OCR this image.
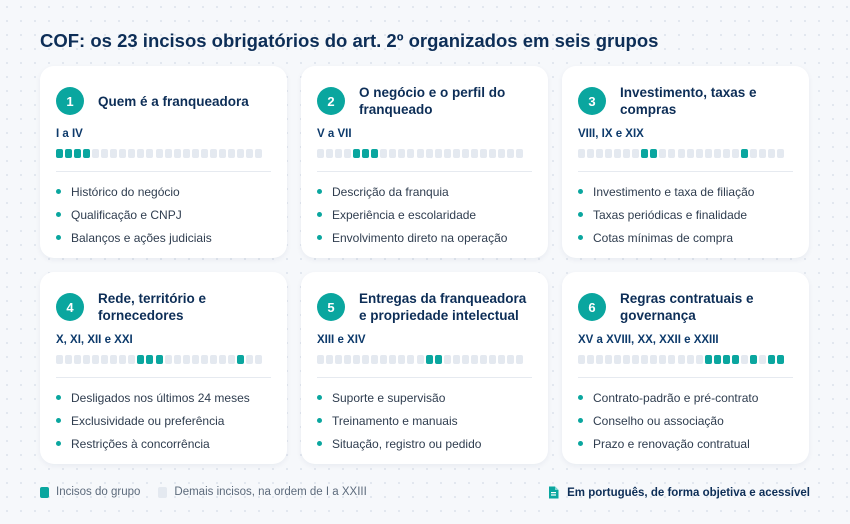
COF: os 23 incisos obrigatórios do art. 2º organizados em seis grupos
1	Quem é a franqueadora
I a IV
Histórico do negócio
Qualificação e CNPJ
Balanços e ações judiciais
2
O negócio e o perfil do franqueado
V a VII
Descrição da franquia
Experiência e escolaridade
Envolvimento direto na operação
3
Investimento, taxas e compras
VIII, IX e XIX
Investimento e taxa de filiação
Taxas periódicas e finalidade
Cotas mínimas de compra
4
Rede, território e fornecedores
X, XI, XII e XXI
Desligados nos últimos 24 meses
Exclusividade ou preferência
Restrições à concorrência
5
Entregas da franqueadora e propriedade intelectual
XIII e XIV
Suporte e supervisão
Treinamento e manuais
Situação, registro ou pedido
6
Regras contratuais e governança
XV a XVIII, XX, XXII e XXIII
Contrato-padrão e pré-contrato
Conselho ou associação
Prazo e renovação contratual
Incisos do grupo	Demais incisos, na ordem de I a XXIII	Em português, de forma objetiva e acessível
